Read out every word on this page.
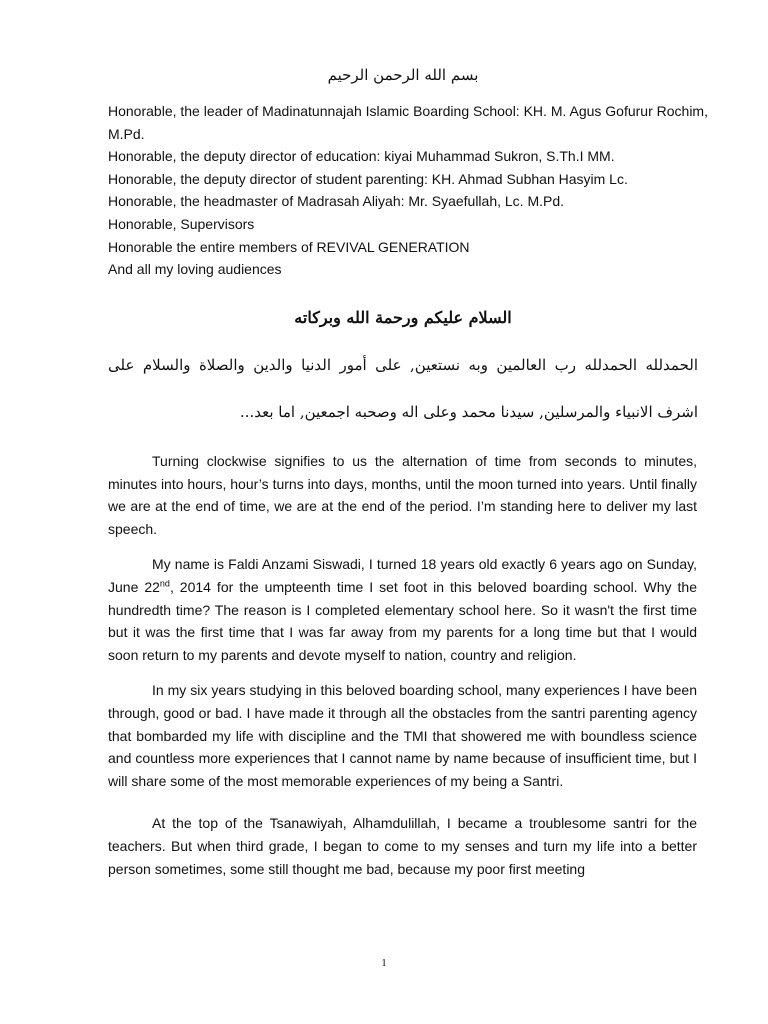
بسم الله الرحمن الرحيم
Honorable, the leader of Madinatunnajah Islamic Boarding School: KH. M. Agus Gofurur Rochim, M.Pd.
Honorable, the deputy director of education: kiyai Muhammad Sukron, S.Th.I MM.
Honorable, the deputy director of student parenting: KH. Ahmad Subhan Hasyim Lc.
Honorable, the headmaster of Madrasah Aliyah: Mr. Syaefullah, Lc. M.Pd.
Honorable, Supervisors
Honorable the entire members of REVIVAL GENERATION
And all my loving audiences
السلام عليكم ورحمة الله وبركاته
الحمدلله الحمدلله رب العالمين وبه نستعين, على أمور الدنيا والدين والصلاة والسلام على اشرف الانبياء والمرسلين, سيدنا محمد وعلى اله وصحبه اجمعين, اما بعد...

Turning clockwise signifies to us the alternation of time from seconds to minutes, minutes into hours, hour’s turns into days, months, until the moon turned into years. Until finally we are at the end of time, we are at the end of the period. I’m standing here to deliver my last speech.

My name is Faldi Anzami Siswadi, I turned 18 years old exactly 6 years ago on Sunday, June 22nd, 2014 for the umpteenth time I set foot in this beloved boarding school. Why the hundredth time? The reason is I completed elementary school here. So it wasn't the first time but it was the first time that I was far away from my parents for a long time but that I would soon return to my parents and devote myself to nation, country and religion.

In my six years studying in this beloved boarding school, many experiences I have been through, good or bad. I have made it through all the obstacles from the santri parenting agency that bombarded my life with discipline and the TMI that showered me with boundless science and countless more experiences that I cannot name by name because of insufficient time, but I will share some of the most memorable experiences of my being a Santri.

At the top of the Tsanawiyah, Alhamdulillah, I became a troublesome santri for the teachers. But when third grade, I began to come to my senses and turn my life into a better person sometimes, some still thought me bad, because my poor first meeting

1
